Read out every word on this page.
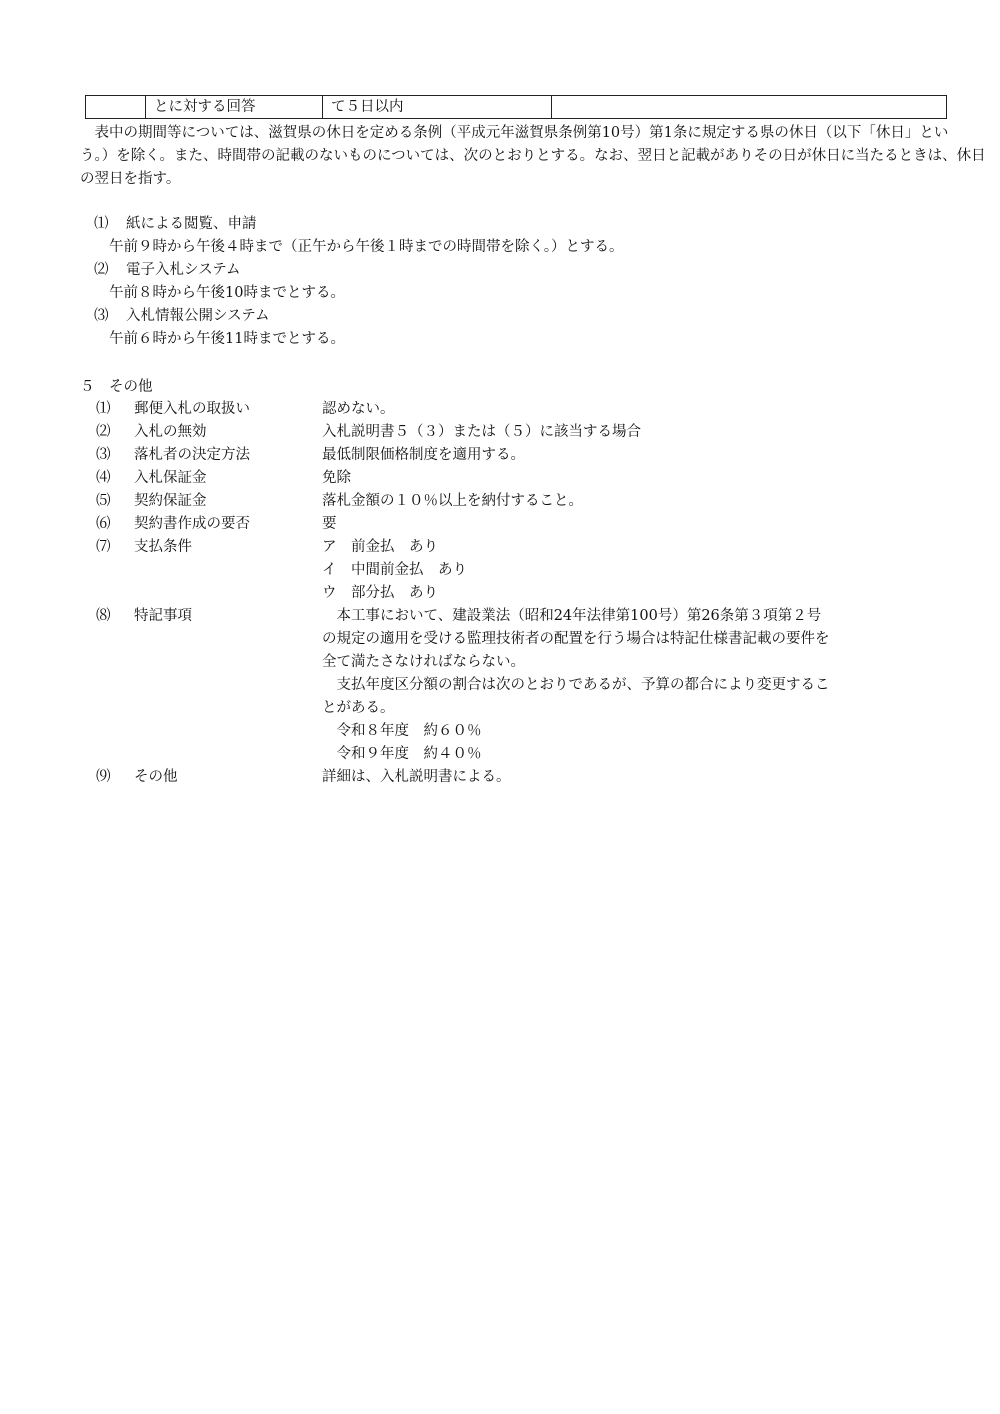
	とに対する回答	て５日以内	
　表中の期間等については、滋賀県の休日を定める条例（平成元年滋賀県条例第10号）第1条に規定する県の休日（以下「休日」とい
う。）を除く。また、時間帯の記載のないものについては、次のとおりとする。なお、翌日と記載がありその日が休日に当たるときは、休日
の翌日を指す。
⑴ 紙による閲覧、申請
午前９時から午後４時まで（正午から午後１時までの時間帯を除く。）とする。
⑵ 電子入札システム
午前８時から午後10時までとする。
⑶ 入札情報公開システム
午前６時から午後11時までとする。
５　その他
⑴ 郵便入札の取扱い	認めない。
⑵ 入札の無効	入札説明書５（３）または（５）に該当する場合
⑶ 落札者の決定方法	最低制限価格制度を適用する。
⑷ 入札保証金	免除
⑸ 契約保証金	落札金額の１０％以上を納付すること。
⑹ 契約書作成の要否	要
⑺ 支払条件	ア　前金払　あり
イ　中間前金払　あり
ウ　部分払　あり
⑻ 特記事項	　本工事において、建設業法（昭和24年法律第100号）第26条第３項第２号
の規定の適用を受ける監理技術者の配置を行う場合は特記仕様書記載の要件を
全て満たさなければならない。
　支払年度区分額の割合は次のとおりであるが、予算の都合により変更するこ
とがある。
　令和８年度　約６０％
　令和９年度　約４０％
⑼ その他	詳細は、入札説明書による。
